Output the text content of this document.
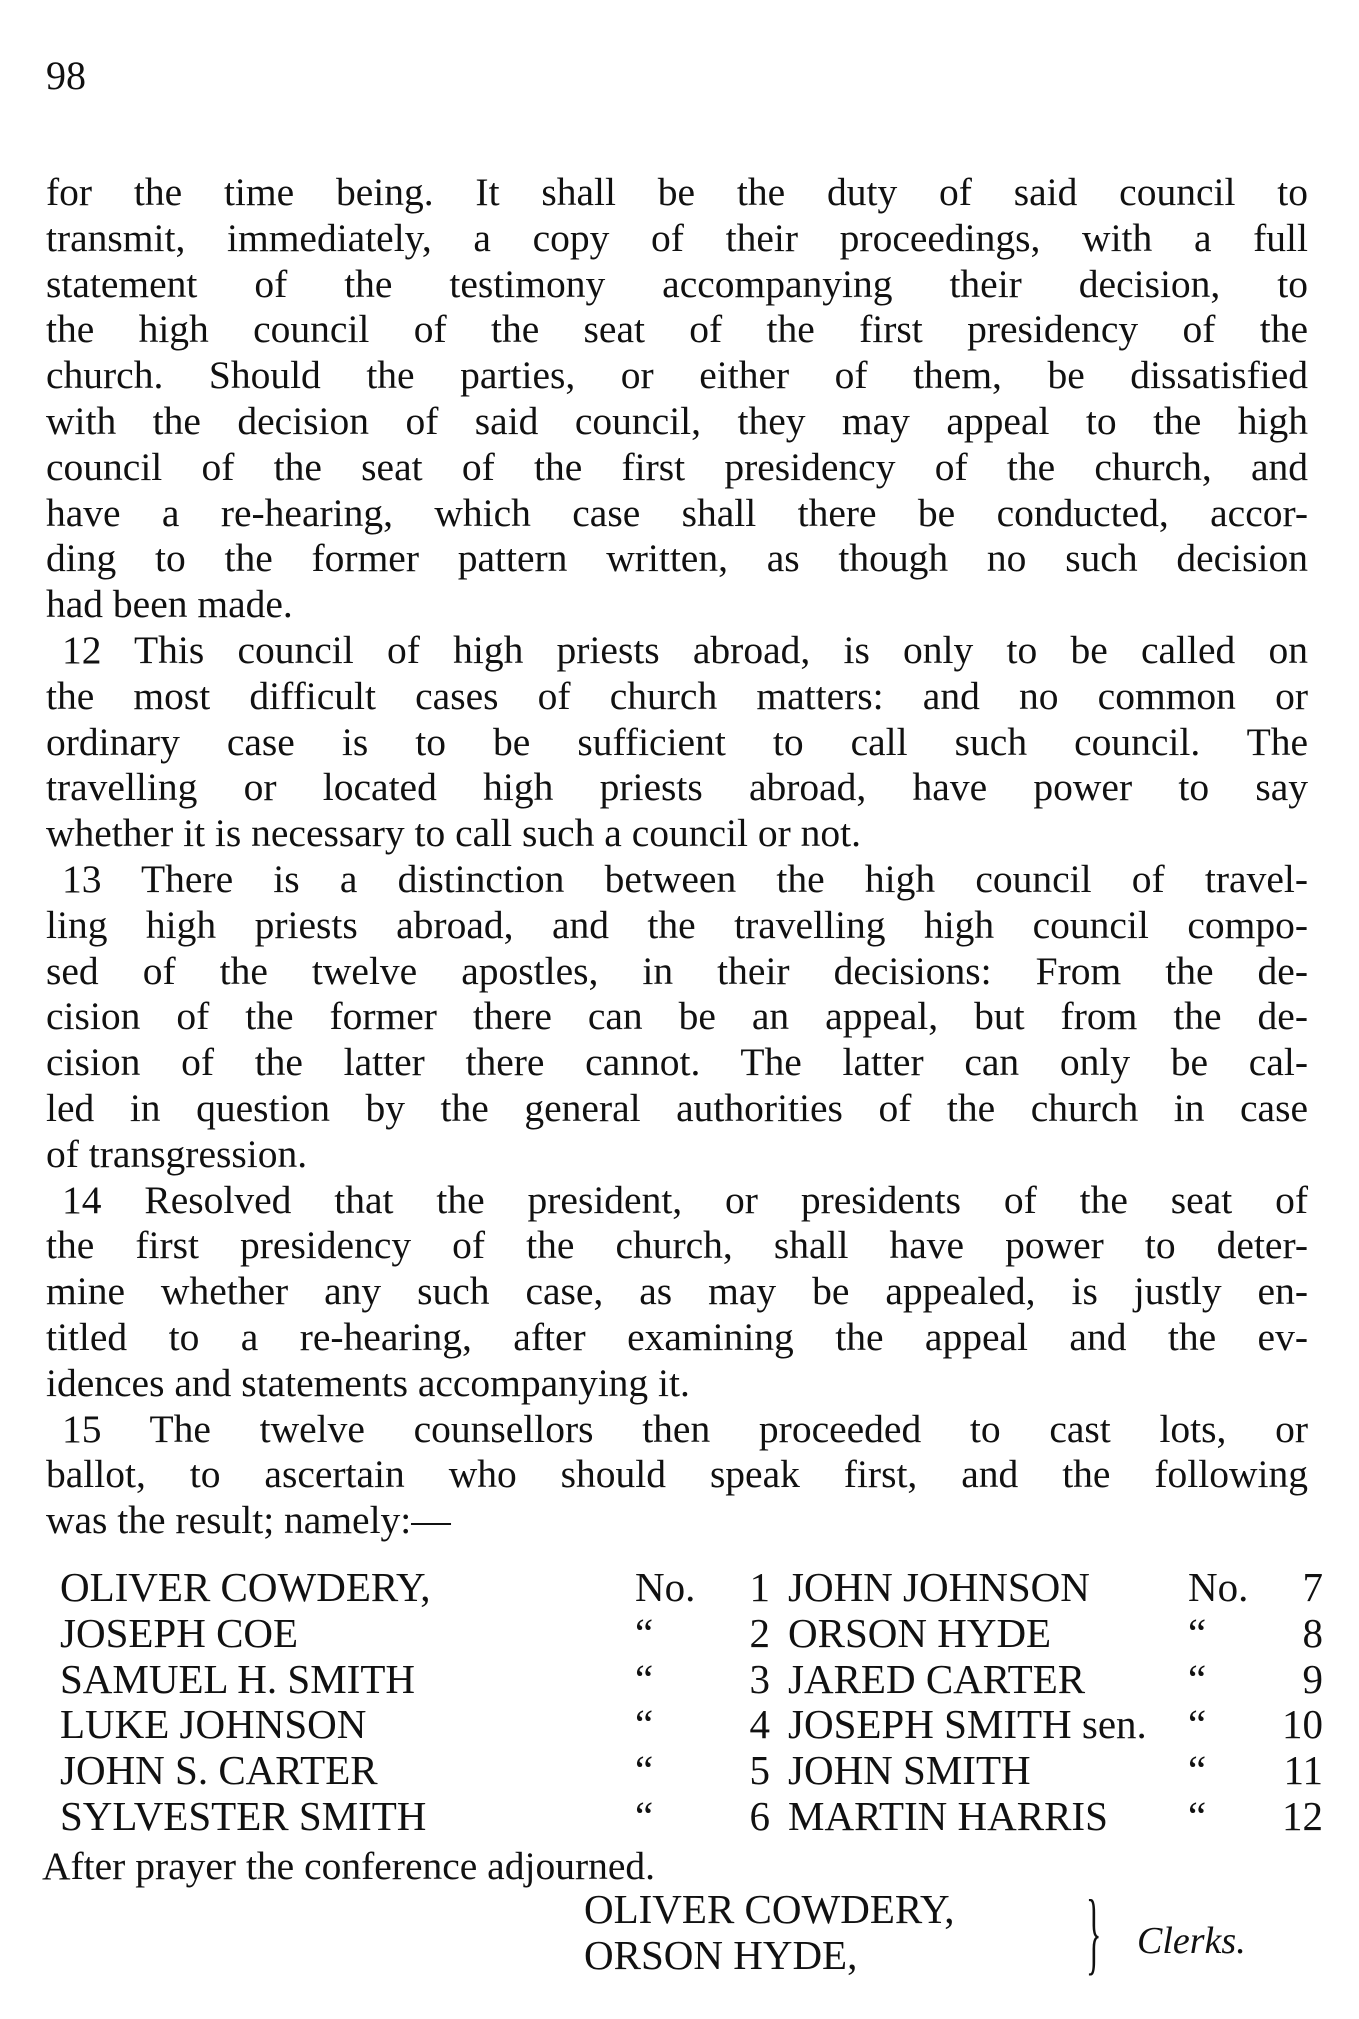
98
for the time being. It shall be the duty of said council to
transmit, immediately, a copy of their proceedings, with a full
statement of the testimony accompanying their decision, to
the high council of the seat of the first presidency of the
church. Should the parties, or either of them, be dissatisfied
with the decision of said council, they may appeal to the high
council of the seat of the first presidency of the church, and
have a re-hearing, which case shall there be conducted, accor-
ding to the former pattern written, as though no such decision
had been made.
12 This council of high priests abroad, is only to be called on
the most difficult cases of church matters: and no common or
ordinary case is to be sufficient to call such council. The
travelling or located high priests abroad, have power to say
whether it is necessary to call such a council or not.
13 There is a distinction between the high council of travel-
ling high priests abroad, and the travelling high council compo-
sed of the twelve apostles, in their decisions: From the de-
cision of the former there can be an appeal, but from the de-
cision of the latter there cannot. The latter can only be cal-
led in question by the general authorities of the church in case
of transgression.
14 Resolved that the president, or presidents of the seat of
the first presidency of the church, shall have power to deter-
mine whether any such case, as may be appealed, is justly en-
titled to a re-hearing, after examining the appeal and the ev-
idences and statements accompanying it.
15 The twelve counsellors then proceeded to cast lots, or
ballot, to ascertain who should speak first, and the following
was the result; namely:—
OLIVER COWDERY,	No.	1 JOHN JOHNSON	No.	7
JOSEPH COE	“	2 ORSON HYDE	“	8
SAMUEL H. SMITH	“	3 JARED CARTER	“	9
LUKE JOHNSON	“	4 JOSEPH SMITH sen.	“	10
JOHN S. CARTER	“	5 JOHN SMITH	“	11
SYLVESTER SMITH	“	6 MARTIN HARRIS	“	12
After prayer the conference adjourned.
OLIVER COWDERY,
ORSON HYDE,	} Clerks.
